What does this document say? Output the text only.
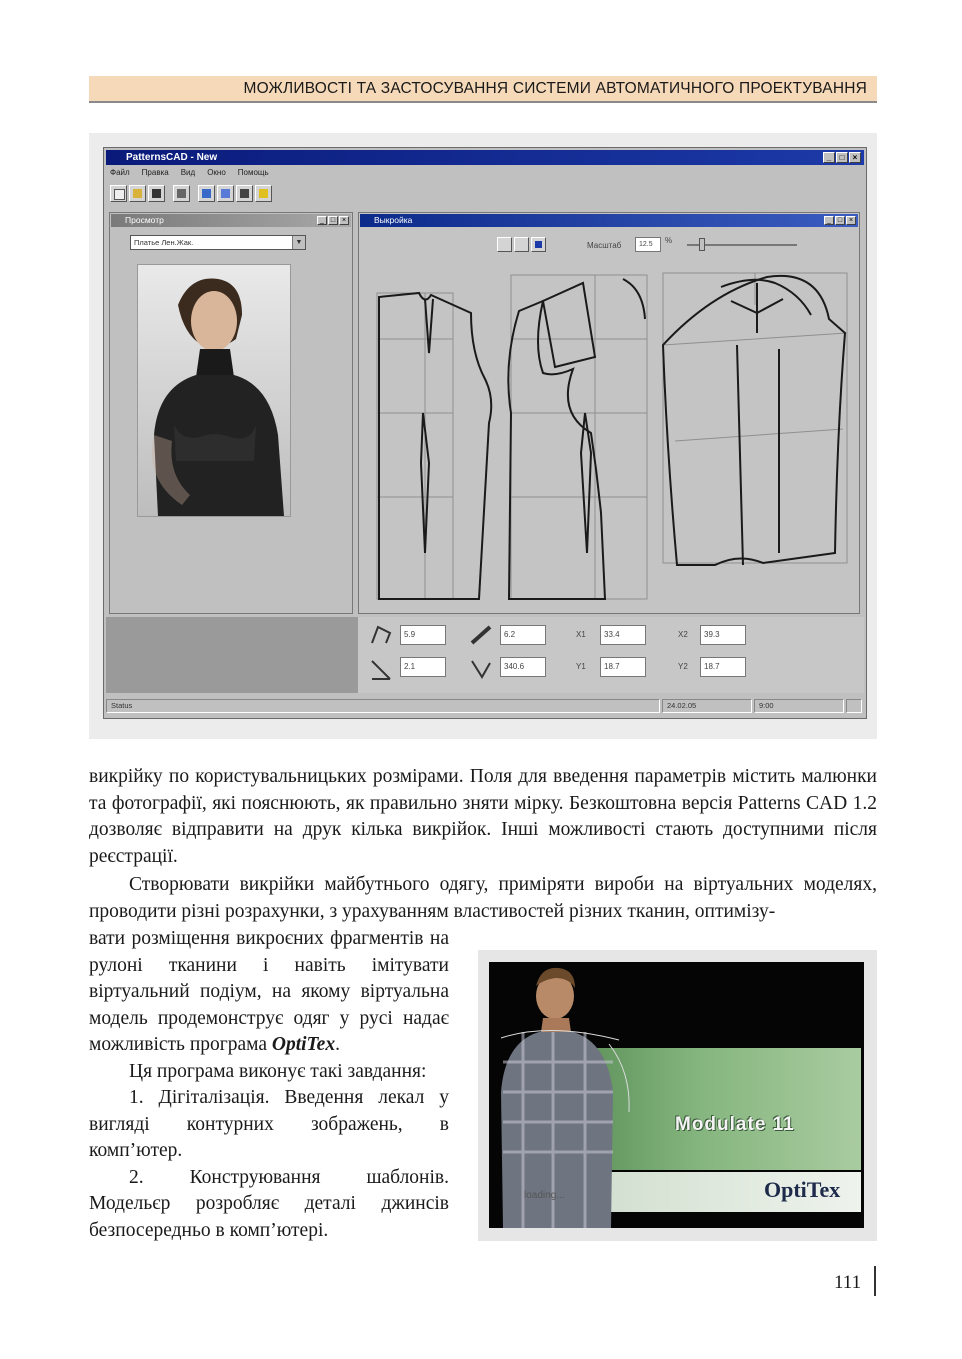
МОЖЛИВОСТІ ТА ЗАСТОСУВАННЯ СИСТЕМИ АВТОМАТИЧНОГО ПРОЕКТУВАННЯ
PatternsCAD - New	_	□	×
Файл Правка Вид Окно Помощь
Просмотр	_ □ ×
Платье Лен.Жак.	▼
Выкройка	_ □ ×
Масштаб	12.5	%
5.9
2.1
6.2
340.6
X1	33.4
Y1	18.7
X2	39.3
Y2	18.7
Status	24.02.05	9:00

викрійку по користувальницьких розмірами. Поля для введення параметрів містить малюнки та фотографії, які пояснюють, як правильно зняти мірку. Безкоштовна версія Patterns CAD 1.2 дозволяє відправити на друк кілька викрійок. Інші можливості стають доступними після реєстрації.

Створювати викрійки майбутнього одягу, приміряти вироби на віртуальних моделях, проводити різні розрахунки, з урахуванням властивостей різних тканин, оптимізу-

вати розміщення викроєних фрагментів на рулоні тканини і навіть імітувати віртуальний подіум, на якому віртуальна модель продемонструє одяг у русі надає можливість програма OptiTex.

Ця програма виконує такі завдання:

1. Дігіталізація. Введення лекал у вигляді контурних зображень, в комп’ютер.

2. Конструювання шаблонів. Модельєр розробляє деталі джинсів безпосередньо в комп’ютері.

Modulate 11
OptiTex
loading...
111
